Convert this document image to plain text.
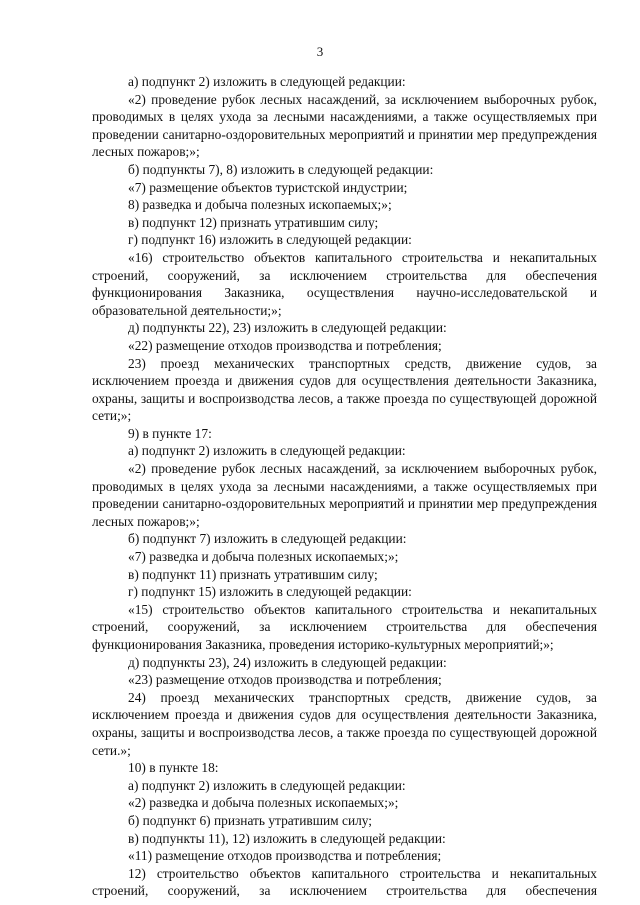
3

а) подпункт 2) изложить в следующей редакции:

«2) проведение рубок лесных насаждений, за исключением выборочных рубок, проводимых в целях ухода за лесными насаждениями, а также осуществляемых при проведении санитарно-оздоровительных мероприятий и принятии мер предупреждения лесных пожаров;»;

б) подпункты 7), 8) изложить в следующей редакции:

«7) размещение объектов туристской индустрии;

8) разведка и добыча полезных ископаемых;»;

в) подпункт 12) признать утратившим силу;

г) подпункт 16) изложить в следующей редакции:

«16) строительство объектов капитального строительства и некапитальных строений, сооружений, за исключением строительства для обеспечения функционирования Заказника, осуществления научно-исследовательской и образовательной деятельности;»;

д) подпункты 22), 23) изложить в следующей редакции:

«22) размещение отходов производства и потребления;

23) проезд механических транспортных средств, движение судов, за исключением проезда и движения судов для осуществления деятельности Заказника, охраны, защиты и воспроизводства лесов, а также проезда по существующей дорожной сети;»;

9) в пункте 17:

а) подпункт 2) изложить в следующей редакции:

«2) проведение рубок лесных насаждений, за исключением выборочных рубок, проводимых в целях ухода за лесными насаждениями, а также осуществляемых при проведении санитарно-оздоровительных мероприятий и принятии мер предупреждения лесных пожаров;»;

б) подпункт 7) изложить в следующей редакции:

«7) разведка и добыча полезных ископаемых;»;

в) подпункт 11) признать утратившим силу;

г) подпункт 15) изложить в следующей редакции:

«15) строительство объектов капитального строительства и некапитальных строений, сооружений, за исключением строительства для обеспечения функционирования Заказника, проведения историко-культурных мероприятий;»;

д) подпункты 23), 24) изложить в следующей редакции:

«23) размещение отходов производства и потребления;

24) проезд механических транспортных средств, движение судов, за исключением проезда и движения судов для осуществления деятельности Заказника, охраны, защиты и воспроизводства лесов, а также проезда по существующей дорожной сети.»;

10) в пункте 18:

а) подпункт 2) изложить в следующей редакции:

«2) разведка и добыча полезных ископаемых;»;

б) подпункт 6) признать утратившим силу;

в) подпункты 11), 12) изложить в следующей редакции:

«11) размещение отходов производства и потребления;

12) строительство объектов капитального строительства и некапитальных строений, сооружений, за исключением строительства для обеспечения
